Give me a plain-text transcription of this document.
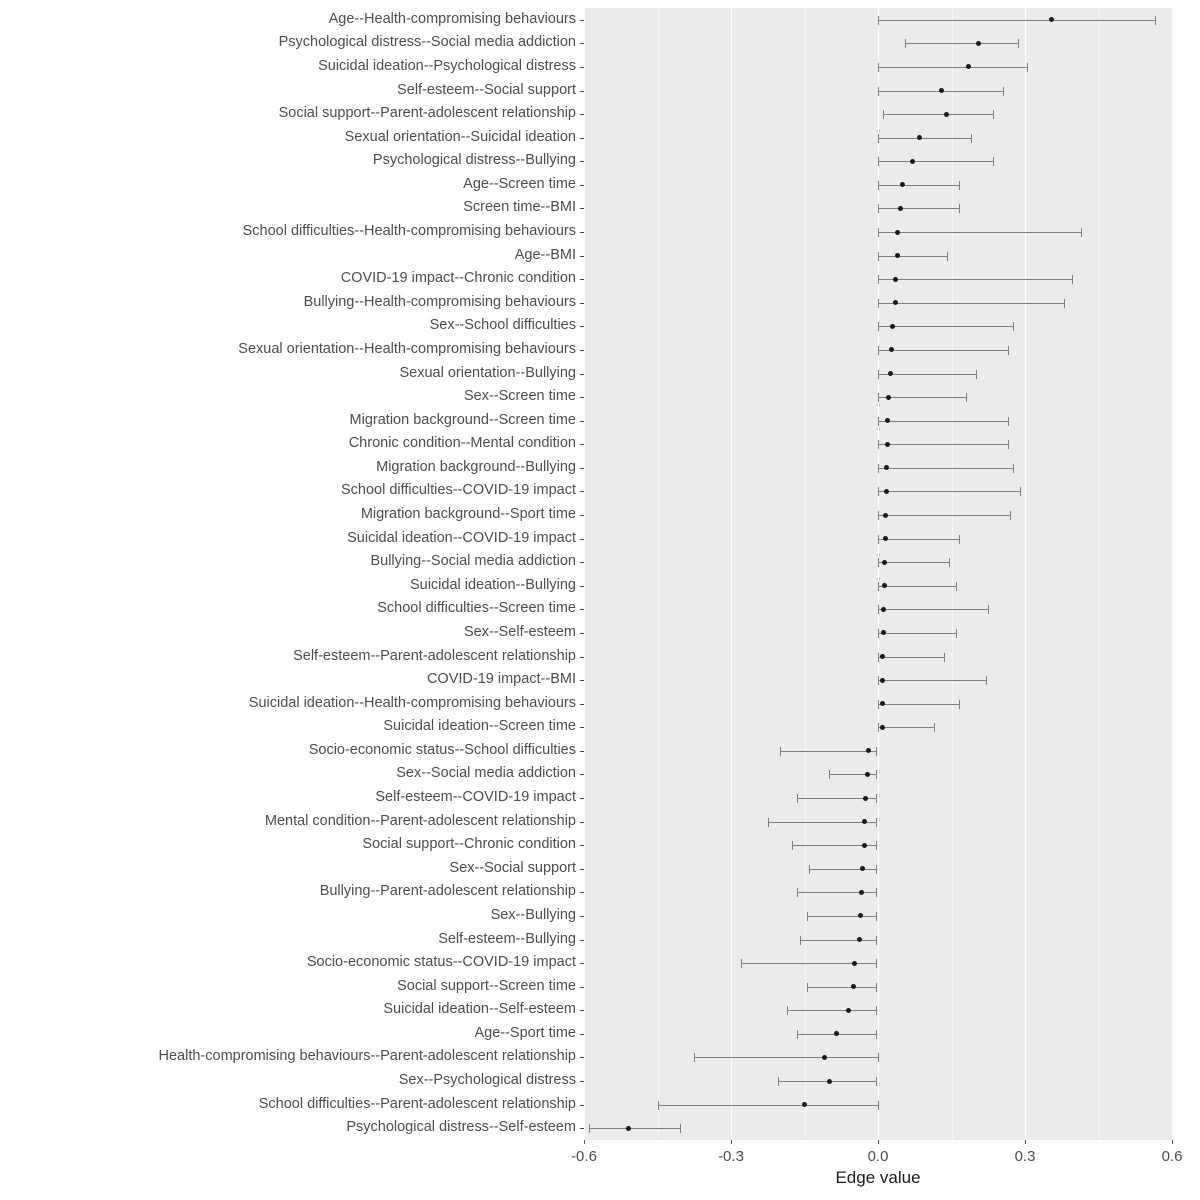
Edge value
-0.6	-0.3	0.0	0.3	0.6
Age--Health-compromising behaviours
Psychological distress--Social media addiction
Suicidal ideation--Psychological distress
Self-esteem--Social support
Social support--Parent-adolescent relationship
Sexual orientation--Suicidal ideation
Psychological distress--Bullying
Age--Screen time
Screen time--BMI
School difficulties--Health-compromising behaviours
Age--BMI
COVID-19 impact--Chronic condition
Bullying--Health-compromising behaviours
Sex--School difficulties
Sexual orientation--Health-compromising behaviours
Sexual orientation--Bullying
Sex--Screen time
Migration background--Screen time
Chronic condition--Mental condition
Migration background--Bullying
School difficulties--COVID-19 impact
Migration background--Sport time
Suicidal ideation--COVID-19 impact
Bullying--Social media addiction
Suicidal ideation--Bullying
School difficulties--Screen time
Sex--Self-esteem
Self-esteem--Parent-adolescent relationship
COVID-19 impact--BMI
Suicidal ideation--Health-compromising behaviours
Suicidal ideation--Screen time
Socio-economic status--School difficulties
Sex--Social media addiction
Self-esteem--COVID-19 impact
Mental condition--Parent-adolescent relationship
Social support--Chronic condition
Sex--Social support
Bullying--Parent-adolescent relationship
Sex--Bullying
Self-esteem--Bullying
Socio-economic status--COVID-19 impact
Social support--Screen time
Suicidal ideation--Self-esteem
Age--Sport time
Health-compromising behaviours--Parent-adolescent relationship
Sex--Psychological distress
School difficulties--Parent-adolescent relationship
Psychological distress--Self-esteem
